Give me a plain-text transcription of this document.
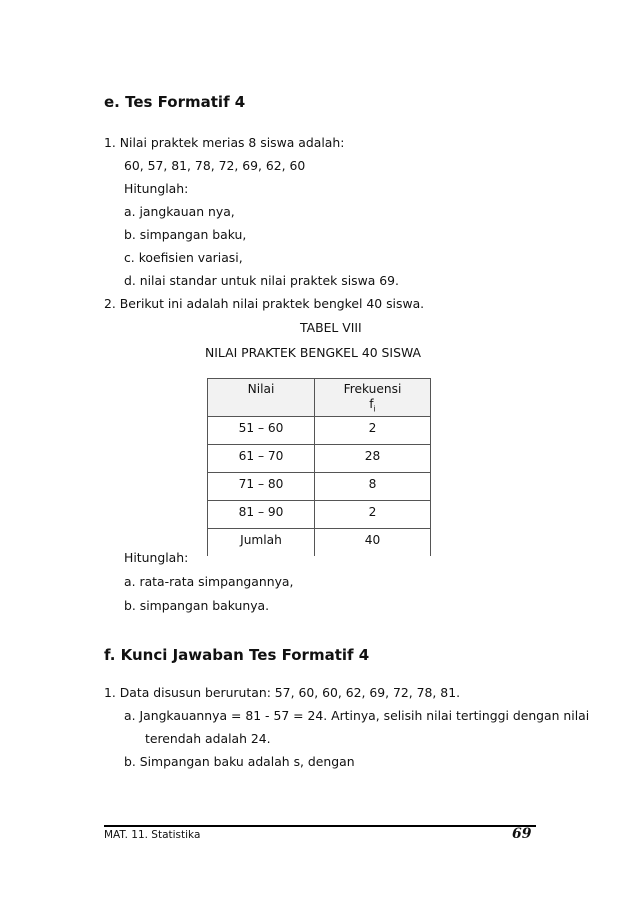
e. Tes Formatif 4
1. Nilai praktek merias 8 siswa adalah:
60, 57, 81, 78, 72, 69, 62, 60
Hitunglah:
a. jangkauan nya,
b. simpangan baku,
c. koefisien variasi,
d. nilai standar untuk nilai praktek siswa 69.
2. Berikut ini adalah nilai praktek bengkel 40 siswa.
TABEL VIII
NILAI PRAKTEK BENGKEL 40 SISWA
Nilai	Frekuensi
$f_i$
51 – 60	2
61 – 70	28
71 – 80	8
81 – 90	2
Jumlah	40
Hitunglah:
a. rata-rata simpangannya,
b. simpangan bakunya.
f. Kunci Jawaban Tes Formatif 4
1. Data disusun berurutan: 57, 60, 60, 62, 69, 72, 78, 81.
a. Jangkauannya = 81 - 57 = 24. Artinya, selisih nilai tertinggi dengan nilai
terendah adalah 24.
b. Simpangan baku adalah s, dengan
MAT. 11. Statistika	69
